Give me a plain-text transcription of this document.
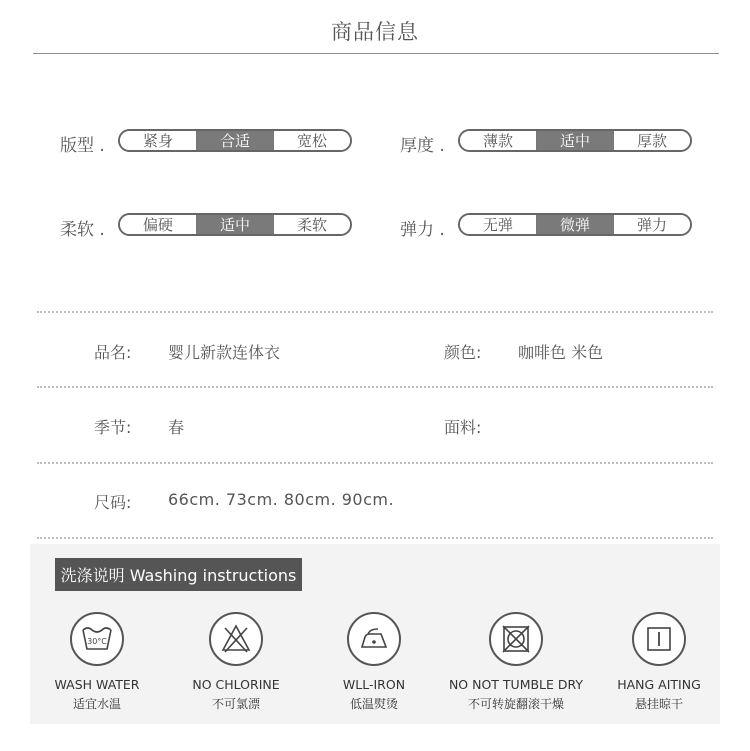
商品信息
版型 .	紧身	合适	宽松	厚度 .	薄款	适中	厚款
柔软 .	偏硬	适中	柔软	弹力 .	无弹	微弹	弹力
品名: 婴儿新款连体衣	颜色: 咖啡色 米色
季节: 春	面料:
尺码: 66cm. 73cm. 80cm. 90cm.
洗涤说明 Washing instructions
30°C
WASH WATER
适宜水温
NO CHLORINE
不可氯漂
WLL-IRON
低温熨烫
NO NOT TUMBLE DRY
不可转旋翻滚干燥
HANG AITING
悬挂晾干
